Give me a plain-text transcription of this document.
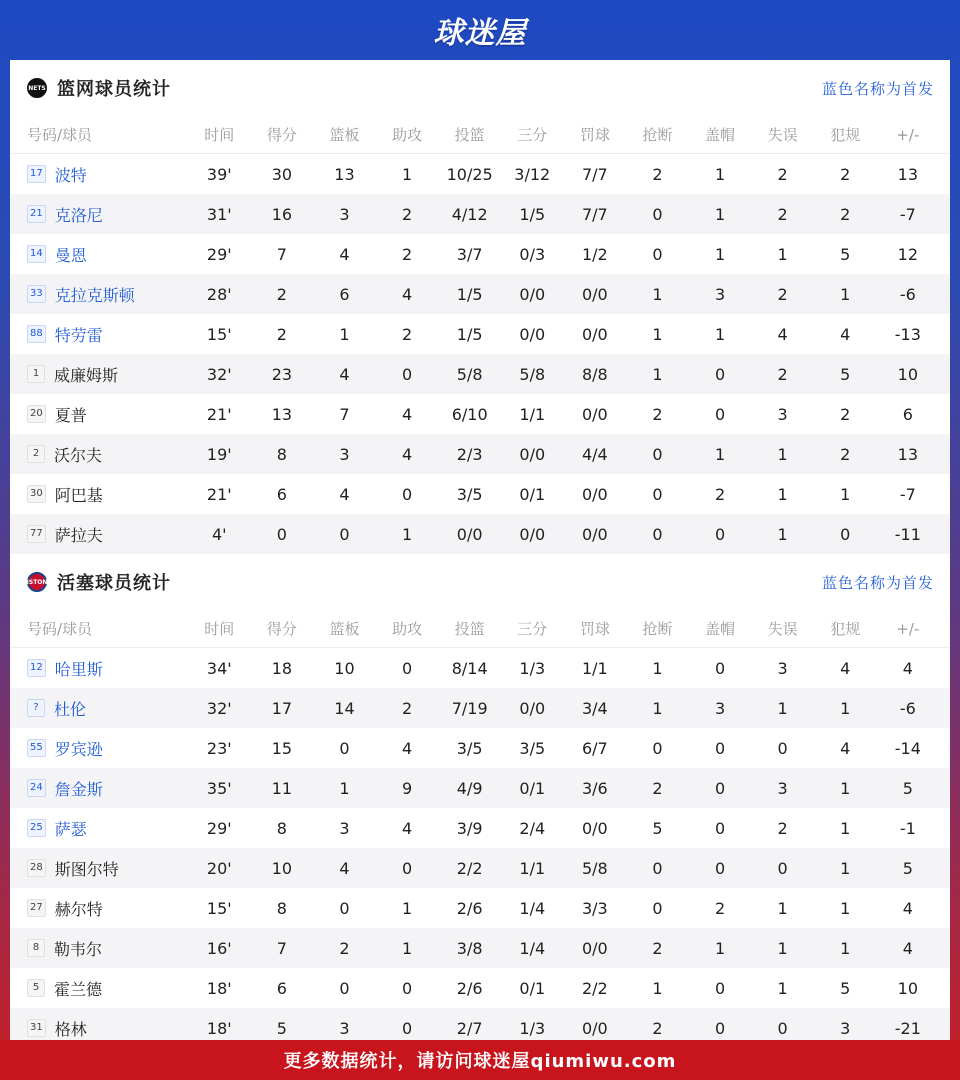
球迷屋
NETS 篮网球员统计	蓝色名称为首发
号码/球员	时间	得分	篮板	助攻	投篮	三分	罚球	抢断	盖帽	失误	犯规	+/-
17 波特	39'	30	13	1	10/25	3/12	7/7	2	1	2	2	13
21 克洛尼	31'	16	3	2	4/12	1/5	7/7	0	1	2	2	-7
14 曼恩	29'	7	4	2	3/7	0/3	1/2	0	1	1	5	12
33 克拉克斯顿	28'	2	6	4	1/5	0/0	0/0	1	3	2	1	-6
88 特劳雷	15'	2	1	2	1/5	0/0	0/0	1	1	4	4	-13
1 威廉姆斯	32'	23	4	0	5/8	5/8	8/8	1	0	2	5	10
20 夏普	21'	13	7	4	6/10	1/1	0/0	2	0	3	2	6
2 沃尔夫	19'	8	3	4	2/3	0/0	4/4	0	1	1	2	13
30 阿巴基	21'	6	4	0	3/5	0/1	0/0	0	2	1	1	-7
77 萨拉夫	4'	0	0	1	0/0	0/0	0/0	0	0	1	0	-11
PISTONS 活塞球员统计	蓝色名称为首发
号码/球员	时间	得分	篮板	助攻	投篮	三分	罚球	抢断	盖帽	失误	犯规	+/-
12 哈里斯	34'	18	10	0	8/14	1/3	1/1	1	0	3	4	4
? 杜伦	32'	17	14	2	7/19	0/0	3/4	1	3	1	1	-6
55 罗宾逊	23'	15	0	4	3/5	3/5	6/7	0	0	0	4	-14
24 詹金斯	35'	11	1	9	4/9	0/1	3/6	2	0	3	1	5
25 萨瑟	29'	8	3	4	3/9	2/4	0/0	5	0	2	1	-1
28 斯图尔特	20'	10	4	0	2/2	1/1	5/8	0	0	0	1	5
27 赫尔特	15'	8	0	1	2/6	1/4	3/3	0	2	1	1	4
8 勒韦尔	16'	7	2	1	3/8	1/4	0/0	2	1	1	1	4
5 霍兰德	18'	6	0	0	2/6	0/1	2/2	1	0	1	5	10
31 格林	18'	5	3	0	2/7	1/3	0/0	2	0	0	3	-21
更多数据统计，请访问球迷屋qiumiwu.com
